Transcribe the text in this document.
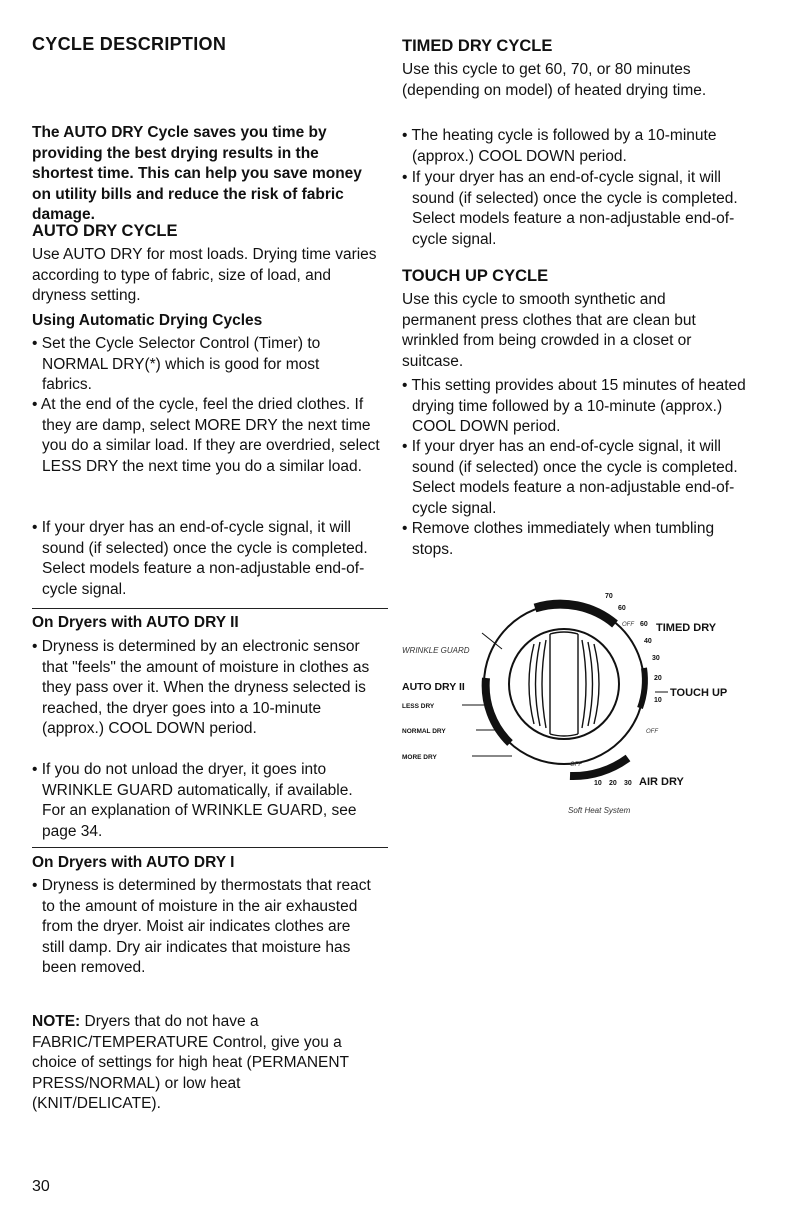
CYCLE DESCRIPTION
The AUTO DRY Cycle saves you time by providing the best drying results in the shortest time. This can help you save money on utility bills and reduce the risk of fabric damage.
AUTO DRY CYCLE
Use AUTO DRY for most loads. Drying time varies according to type of fabric, size of load, and dryness setting.
Using Automatic Drying Cycles
• Set the Cycle Selector Control (Timer) to NORMAL DRY(*) which is good for most fabrics.
• At the end of the cycle, feel the dried clothes. If they are damp, select MORE DRY the next time you do a similar load. If they are overdried, select LESS DRY the next time you do a similar load.
• If your dryer has an end-of-cycle signal, it will sound (if selected) once the cycle is completed. Select models feature a non-adjustable end-of-cycle signal.
On Dryers with AUTO DRY II
• Dryness is determined by an electronic sensor that "feels" the amount of moisture in clothes as they pass over it. When the dryness selected is reached, the dryer goes into a 10-minute (approx.) COOL DOWN period.
• If you do not unload the dryer, it goes into WRINKLE GUARD automatically, if available. For an explanation of WRINKLE GUARD, see page 34.
On Dryers with AUTO DRY I
• Dryness is determined by thermostats that react to the amount of moisture in the air exhausted from the dryer. Moist air indicates clothes are still damp. Dry air indicates that moisture has been removed.
NOTE: Dryers that do not have a FABRIC/TEMPERATURE Control, give you a choice of settings for high heat (PERMANENT PRESS/NORMAL) or low heat (KNIT/DELICATE).
TIMED DRY CYCLE
Use this cycle to get 60, 70, or 80 minutes (depending on model) of heated drying time.
• The heating cycle is followed by a 10-minute (approx.) COOL DOWN period.
• If your dryer has an end-of-cycle signal, it will sound (if selected) once the cycle is completed. Select models feature a non-adjustable end-of-cycle signal.
TOUCH UP CYCLE
Use this cycle to smooth synthetic and permanent press clothes that are clean but wrinkled from being crowded in a closet or suitcase.
• This setting provides about 15 minutes of heated drying time followed by a 10-minute (approx.) COOL DOWN period.
• If your dryer has an end-of-cycle signal, it will sound (if selected) once the cycle is completed. Select models feature a non-adjustable end-of-cycle signal.
• Remove clothes immediately when tumbling stops.
WRINKLE GUARD
AUTO DRY II
LESS DRY
NORMAL DRY
MORE DRY
TIMED DRY
TOUCH UP
AIR DRY
70
60
OFF 60
40
30
20
10
OFF
OFF
10 20 30
Soft Heat System
30
